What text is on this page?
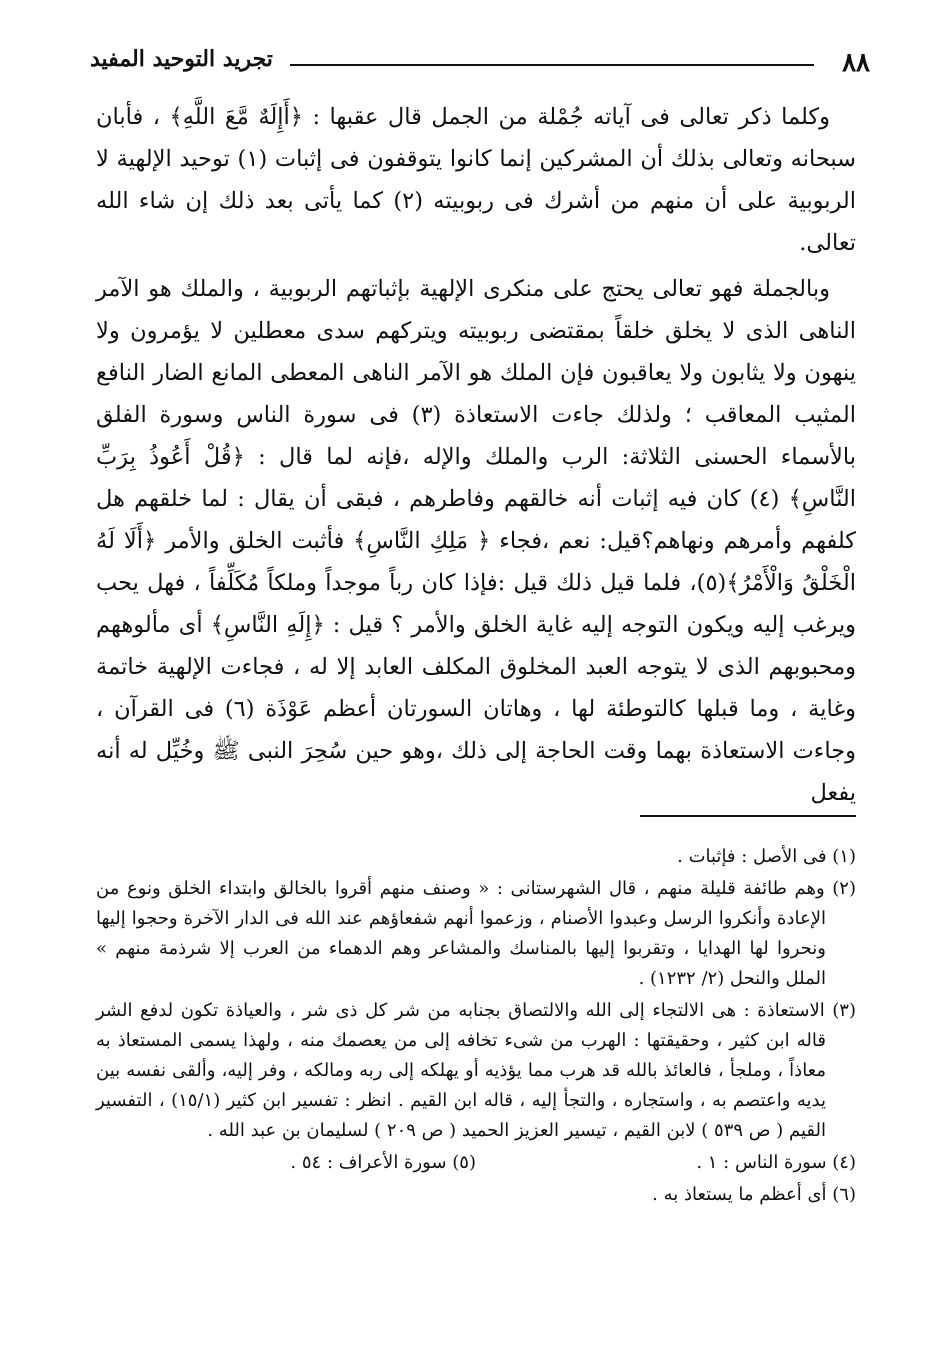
٨٨
تجريد التوحيد المفيد

وكلما ذكر تعالى فى آياته جُمْلة من الجمل قال عقبها : ﴿أَإِلَهٌ مَّعَ اللَّهِ﴾ ، فأبان سبحانه وتعالى بذلك أن المشركين إنما كانوا يتوقفون فى إثبات (١) توحيد الإلهية لا الربوبية على أن منهم من أشرك فى ربوبيته (٢) كما يأتى بعد ذلك إن شاء الله تعالى.

وبالجملة فهو تعالى يحتج على منكرى الإلهية بإثباتهم الربوبية ، والملك هو الآمر الناهى الذى لا يخلق خلقاً بمقتضى ربوبيته ويتركهم سدى معطلين لا يؤمرون ولا ينهون ولا يثابون ولا يعاقبون فإن الملك هو الآمر الناهى المعطى المانع الضار النافع المثيب المعاقب ؛ ولذلك جاءت الاستعاذة (٣) فى سورة الناس وسورة الفلق بالأسماء الحسنى الثلاثة: الرب والملك والإله ،فإنه لما قال : ﴿قُلْ أَعُوذُ بِرَبِّ النَّاسِ﴾ (٤) كان فيه إثبات أنه خالقهم وفاطرهم ، فبقى أن يقال : لما خلقهم هل كلفهم وأمرهم ونهاهم؟قيل: نعم ،فجاء ﴿ مَلِكِ النَّاسِ﴾ فأثبت الخلق والأمر ﴿أَلَا لَهُ الْخَلْقُ وَالْأَمْرُ﴾(٥)، فلما قيل ذلك قيل :فإذا كان رباً موجداً وملكاً مُكَلِّفاً ، فهل يحب ويرغب إليه ويكون التوجه إليه غاية الخلق والأمر ؟ قيل : ﴿إِلَهِ النَّاسِ﴾ أى مألوههم ومحبوبهم الذى لا يتوجه العبد المخلوق المكلف العابد إلا له ، فجاءت الإلهية خاتمة وغاية ، وما قبلها كالتوطئة لها ، وهاتان السورتان أعظم عَوْذَة (٦) فى القرآن ، وجاءت الاستعاذة بهما وقت الحاجة إلى ذلك ،وهو حين سُحِرَ النبى ﷺ وخُيِّل له أنه يفعل

(١) فى الأصل : فإثبات .
(٢) وهم طائفة قليلة منهم ، قال الشهرستانى : « وصنف منهم أقروا بالخالق وابتداء الخلق ونوع من الإعادة وأنكروا الرسل وعبدوا الأصنام ، وزعموا أنهم شفعاؤهم عند الله فى الدار الآخرة وحجوا إليها ونحروا لها الهدايا ، وتقربوا إليها بالمناسك والمشاعر وهم الدهماء من العرب إلا شرذمة منهم » الملل والنحل (٢/ ١٢٣٢) .
(٣) الاستعاذة : هى الالتجاء إلى الله والالتصاق بجنابه من شر كل ذى شر ، والعياذة تكون لدفع الشر قاله ابن كثير ، وحقيقتها : الهرب من شىء تخافه إلى من يعصمك منه ، ولهذا يسمى المستعاذ به معاذاً ، وملجأ ، فالعائذ بالله قد هرب مما يؤذيه أو يهلكه إلى ربه ومالكه ، وفر إليه، وألقى نفسه بين يديه واعتصم به ، واستجاره ، والتجأ إليه ، قاله ابن القيم . انظر : تفسير ابن كثير (١٥/١) ، التفسير القيم ( ص ٥٣٩ ) لابن القيم ، تيسير العزيز الحميد ( ص ٢٠٩ ) لسليمان بن عبد الله .
(٤) سورة الناس : ١ .
(٥) سورة الأعراف : ٥٤ .
(٦) أى أعظم ما يستعاذ به .
